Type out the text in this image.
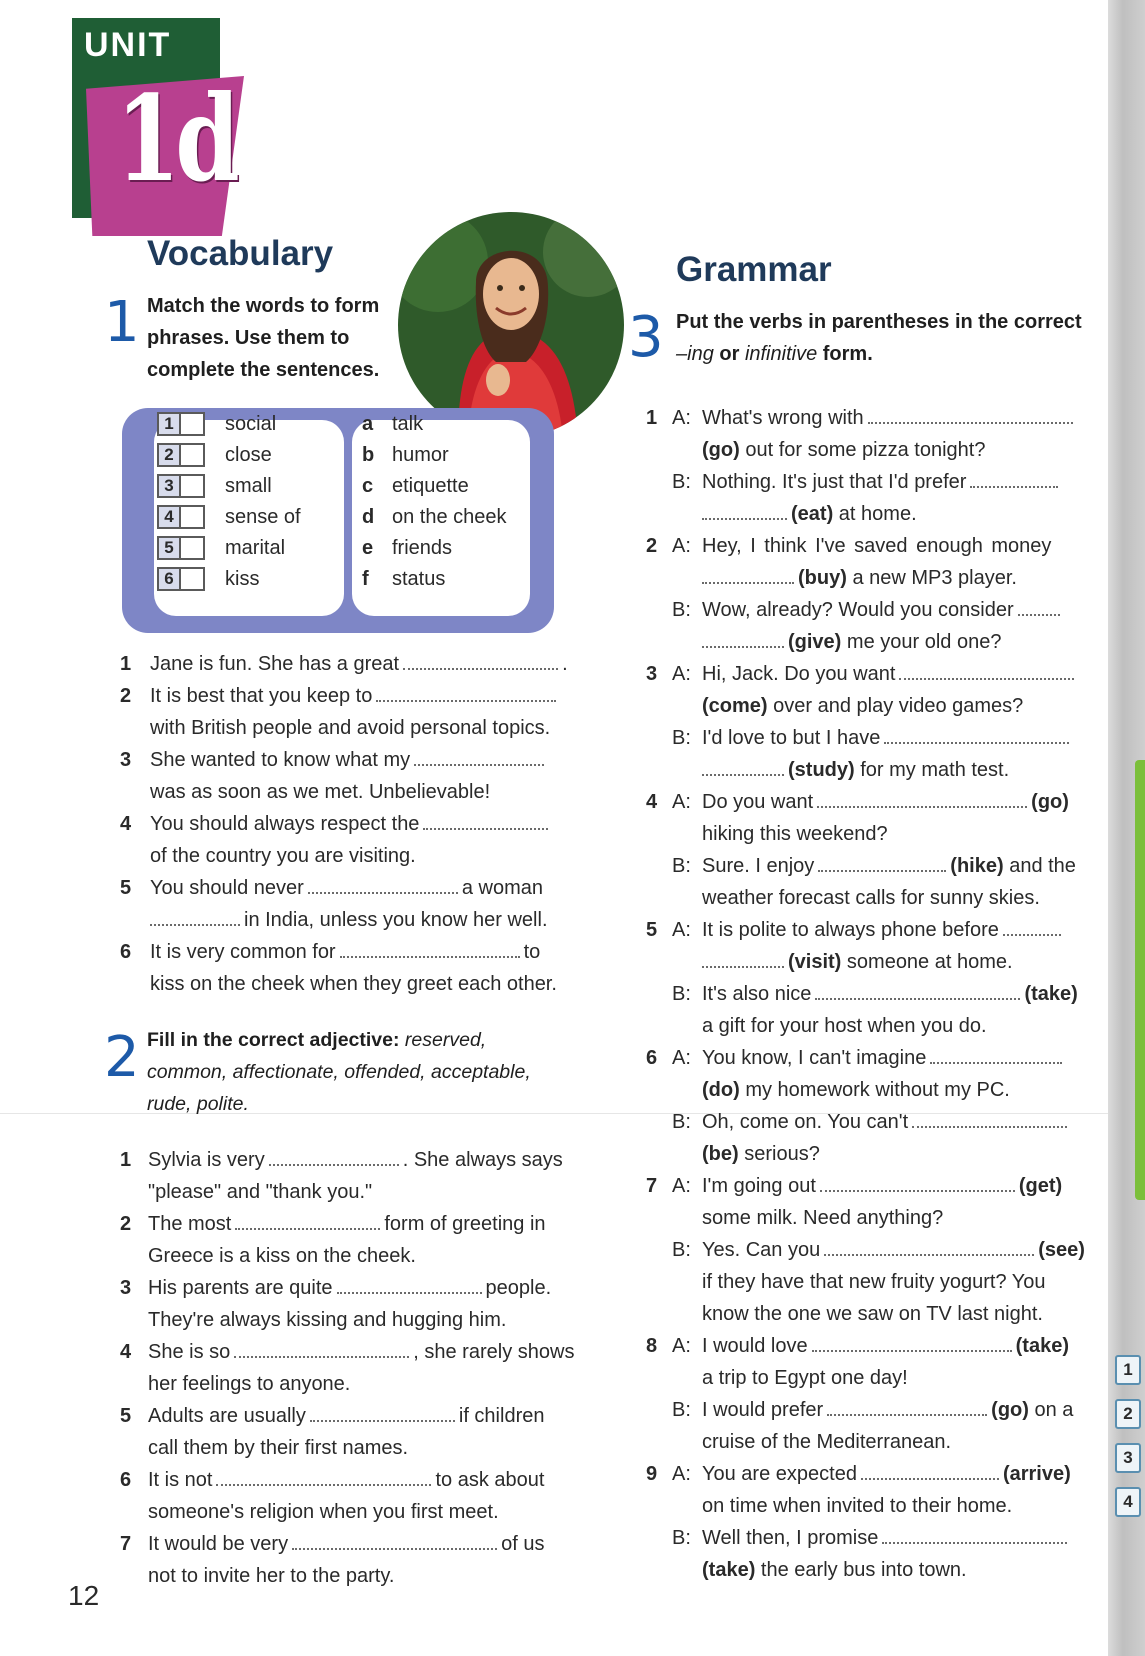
1
2
3
4
UNIT
1d
Vocabulary
1 Match the words to form
phrases. Use them to
complete the sentences.
1	social
2	close
3	small
4	sense of
5	marital
6	kiss
a talk
b humor
c etiquette
d on the cheek
e friends
f	status
1 Jane is fun. She has a great	.
2 It is best that you keep to
with British people and avoid personal topics.
3 She wanted to know what my
was as soon as we met. Unbelievable!
4 You should always respect the
of the country you are visiting.
5 You should never	a woman
in India, unless you know her well.
6 It is very common for	to
kiss on the cheek when they greet each other.
2 Fill in the correct adjective: reserved,
common, affectionate, offended, acceptable,
rude, polite.
1 Sylvia is very	. She always says
"please" and "thank you."
2 The most	form of greeting in
Greece is a kiss on the cheek.
3 His parents are quite	people.
They're always kissing and hugging him.
4 She is so	, she rarely shows
her feelings to anyone.
5 Adults are usually	if children
call them by their first names.
6 It is not	to ask about
someone's religion when you first meet.
7 It would be very	of us
not to invite her to the party.
12
Grammar
3 Put the verbs in parentheses in the correct
–ing or infinitive form.
1 A: What's wrong with
(go) out for some pizza tonight?
B: Nothing. It's just that I'd prefer
(eat) at home.
2 A: Hey, I think I've saved enough money
(buy) a new MP3 player.
B: Wow, already? Would you consider
(give) me your old one?
3 A: Hi, Jack. Do you want
(come) over and play video games?
B: I'd love to but I have
(study) for my math test.
4 A: Do you want	(go)
hiking this weekend?
B: Sure. I enjoy	(hike) and the
weather forecast calls for sunny skies.
5 A: It is polite to always phone before
(visit) someone at home.
B: It's also nice	(take)
a gift for your host when you do.
6 A: You know, I can't imagine
(do) my homework without my PC.
B: Oh, come on. You can't
(be) serious?
7 A: I'm going out	(get)
some milk. Need anything?
B: Yes. Can you	(see)
if they have that new fruity yogurt? You
know the one we saw on TV last night.
8 A: I would love	(take)
a trip to Egypt one day!
B: I would prefer	(go) on a
cruise of the Mediterranean.
9 A: You are expected	(arrive)
on time when invited to their home.
B: Well then, I promise
(take) the early bus into town.
